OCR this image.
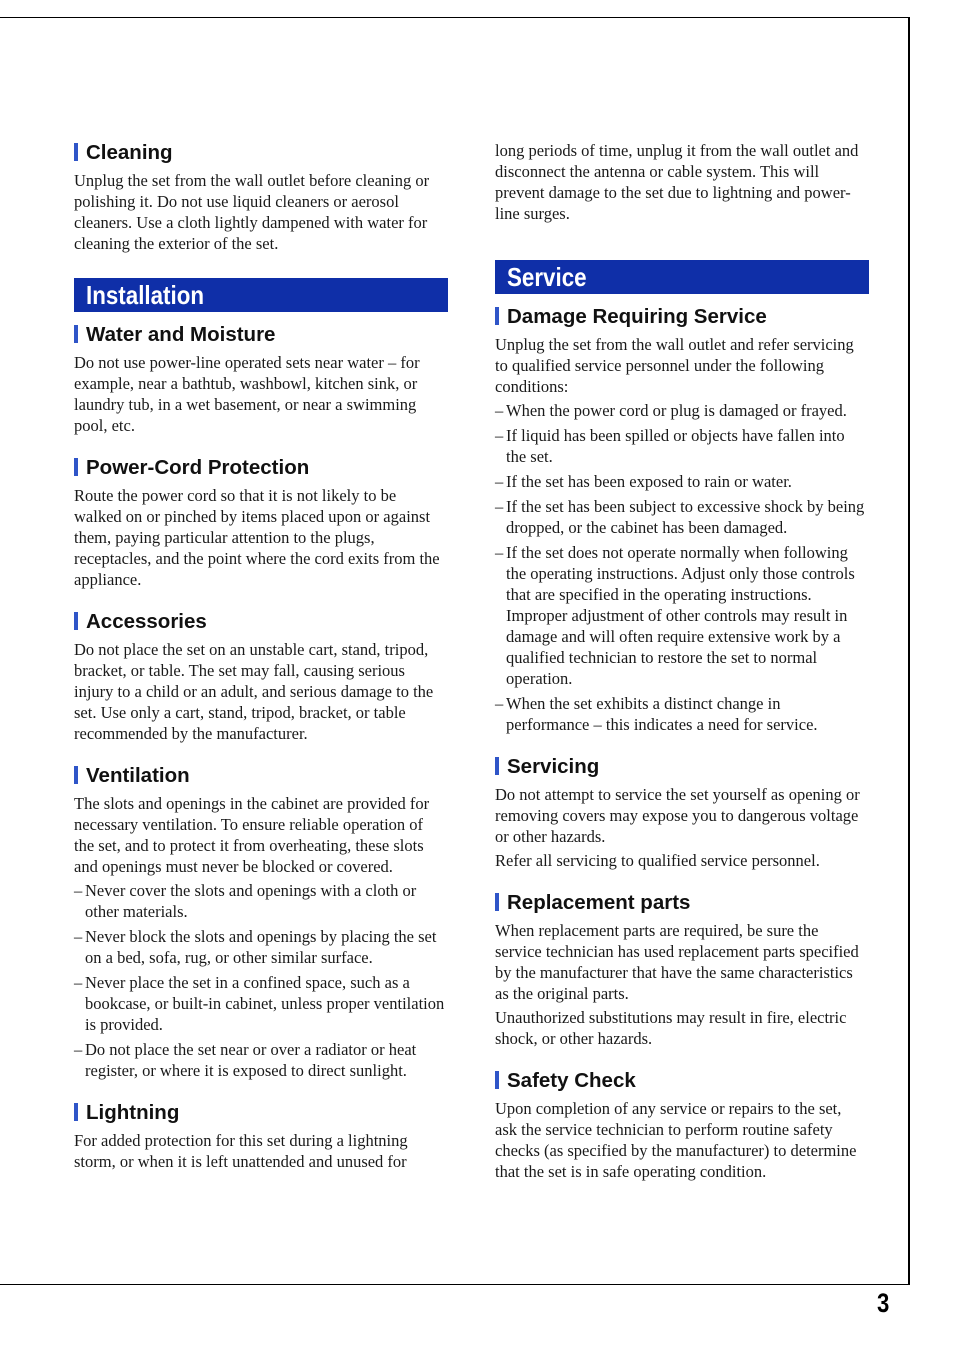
Cleaning

Unplug the set from the wall outlet before cleaning or polishing it. Do not use liquid cleaners or aerosol cleaners. Use a cloth lightly dampened with water for cleaning the exterior of the set.

Installation
Water and Moisture

Do not use power-line operated sets near water – for example, near a bathtub, washbowl, kitchen sink, or laundry tub, in a wet basement, or near a swimming pool, etc.

Power-Cord Protection

Route the power cord so that it is not likely to be walked on or pinched by items placed upon or against them, paying particular attention to the plugs, receptacles, and the point where the cord exits from the appliance.

Accessories

Do not place the set on an unstable cart, stand, tripod, bracket, or table. The set may fall, causing serious injury to a child or an adult, and serious damage to the set. Use only a cart, stand, tripod, bracket, or table recommended by the manufacturer.

Ventilation

The slots and openings in the cabinet are provided for necessary ventilation. To ensure reliable operation of the set, and to protect it from overheating, these slots and openings must never be blocked or covered.

– Never cover the slots and openings with a cloth or other materials.
– Never block the slots and openings by placing the set on a bed, sofa, rug, or other similar surface.
– Never place the set in a confined space, such as a bookcase, or built-in cabinet, unless proper ventilation is provided.
– Do not place the set near or over a radiator or heat register, or where it is exposed to direct sunlight.
Lightning

For added protection for this set during a lightning storm, or when it is left unattended and unused for

long periods of time, unplug it from the wall outlet and disconnect the antenna or cable system. This will prevent damage to the set due to lightning and power-line surges.

Service
Damage Requiring Service

Unplug the set from the wall outlet and refer servicing to qualified service personnel under the following conditions:

– When the power cord or plug is damaged or frayed.
– If liquid has been spilled or objects have fallen into the set.
– If the set has been exposed to rain or water.
– If the set has been subject to excessive shock by being dropped, or the cabinet has been damaged.
– If the set does not operate normally when following the operating instructions. Adjust only those controls that are specified in the operating instructions. Improper adjustment of other controls may result in damage and will often require extensive work by a qualified technician to restore the set to normal operation.
– When the set exhibits a distinct change in performance – this indicates a need for service.
Servicing

Do not attempt to service the set yourself as opening or removing covers may expose you to dangerous voltage or other hazards.

Refer all servicing to qualified service personnel.

Replacement parts

When replacement parts are required, be sure the service technician has used replacement parts specified by the manufacturer that have the same characteristics as the original parts.

Unauthorized substitutions may result in fire, electric shock, or other hazards.

Safety Check

Upon completion of any service or repairs to the set, ask the service technician to perform routine safety checks (as specified by the manufacturer) to determine that the set is in safe operating condition.

3
